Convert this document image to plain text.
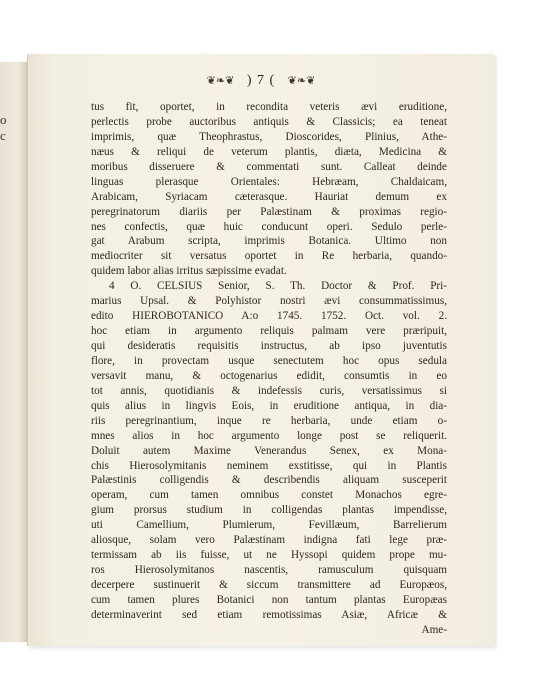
o
c
❦❧❦ ) 7 ( ❦❧❦
tus fit, oportet, in recondita veteris ævi eruditione,
perlectis probe auctoribus antiquis & Classicis; ea teneat
imprimis, quæ Theophrastus, Dioscorides, Plinius, Athe-
næus & reliqui de veterum plantis, diæta, Medicina &
moribus disseruere & commentati sunt. Calleat deinde
linguas plerasque Orientales: Hebræam, Chaldaicam,
Arabicam, Syriacam cæterasque. Hauriat demum ex
peregrinatorum diariis per Palæstinam & proximas regio-
nes confectis, quæ huic conducunt operi. Sedulo perle-
gat Arabum scripta, imprimis Botanica. Ultimo non
mediocriter sit versatus oportet in Re herbaria, quando-
quidem labor alias irritus sæpissime evadat.
4 O. CELSIUS Senior, S. Th. Doctor & Prof. Pri-
marius Upsal. & Polyhistor nostri ævi consummatissimus,
edito HIEROBOTANICO A:o 1745. 1752. Oct. vol. 2.
hoc etiam in argumento reliquis palmam vere præripuit,
qui desideratis requisitis instructus, ab ipso juventutis
flore, in provectam usque senectutem hoc opus sedula
versavit manu, & octogenarius edidit, consumtis in eo
tot annis, quotidianis & indefessis curis, versatissimus si
quis alius in lingvis Eois, in eruditione antiqua, in dia-
riis peregrinantium, inque re herbaria, unde etiam o-
mnes alios in hoc argumento longe post se reliquerit.
Doluit autem Maxime Venerandus Senex, ex Mona-
chis Hierosolymitanis neminem exstitisse, qui in Plantis
Palæstinis colligendis & describendis aliquam susceperit
operam, cum tamen omnibus constet Monachos egre-
gium prorsus studium in colligendas plantas impendisse,
uti Camellium, Plumierum, Fevillæum, Barrelierum
aliosque, solam vero Palæstinam indigna fati lege præ-
termissam ab iis fuisse, ut ne Hyssopi quidem prope mu-
ros Hierosolymitanos nascentis, ramusculum quisquam
decerpere sustinuerit & siccum transmittere ad Europæos,
cum tamen plures Botanici non tantum plantas Europæas
determinaverint sed etiam remotissimas Asiæ, Africæ &
Ame-
